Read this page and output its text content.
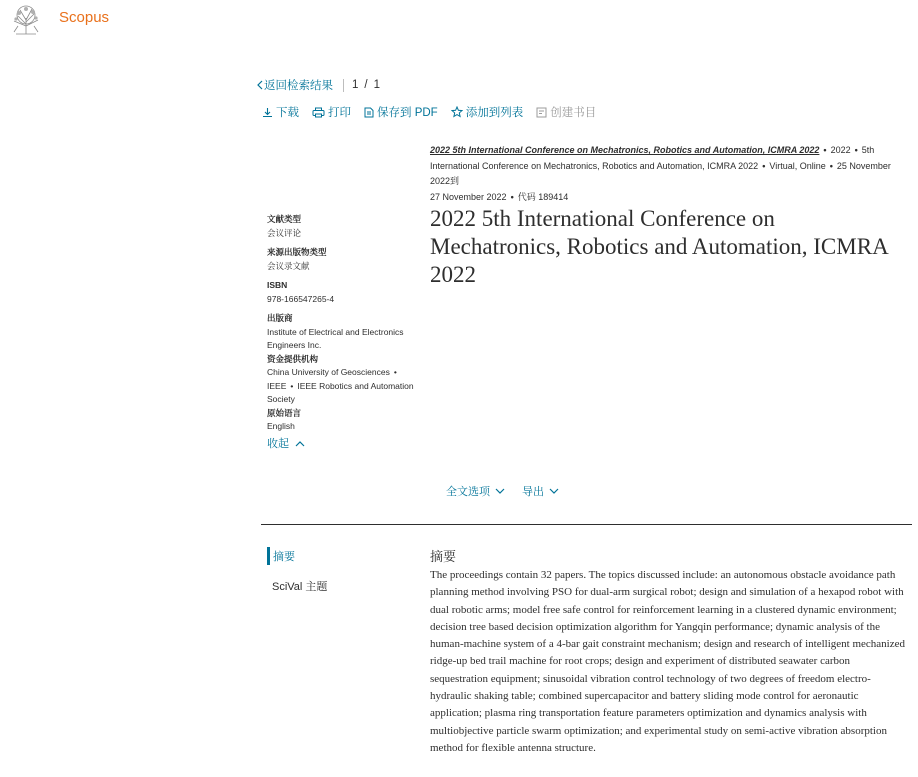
Scopus
返回检索结果 1 / 1
下载	打印 保存到 PDF 添加到列表 创建书目
2022 5th International Conference on Mechatronics, Robotics and Automation, ICMRA 2022 • 2022 • 5th
International Conference on Mechatronics, Robotics and Automation, ICMRA 2022 • Virtual, Online • 25 November 2022到
27 November 2022 • 代码 189414
2022 5th International Conference on Mechatronics, Robotics and Automation, ICMRA 2022
文献类型
会议评论
来源出版物类型
会议录文献
ISBN
978-166547265-4
出版商
Institute of Electrical and Electronics Engineers Inc.
资金提供机构
China University of Geosciences •
IEEE • IEEE Robotics and Automation Society
原始语言
English
收起
全文选项	导出
摘要
SciVal 主题
摘要
The proceedings contain 32 papers. The topics discussed include: an autonomous obstacle avoidance path planning method involving PSO for dual-arm surgical robot; design and simulation of a hexapod robot with dual robotic arms; model free safe control for reinforcement learning in a clustered dynamic environment; decision tree based decision optimization algorithm for Yangqin performance; dynamic analysis of the human-machine system of a 4-bar gait constraint mechanism; design and research of intelligent mechanized ridge-up bed trail machine for root crops; design and experiment of distributed seawater carbon sequestration equipment; sinusoidal vibration control technology of two degrees of freedom electro-hydraulic shaking table; combined supercapacitor and battery sliding mode control for aeronautic application; plasma ring transportation feature parameters optimization and dynamics analysis with multiobjective particle swarm optimization; and experimental study on semi-active vibration absorption method for flexible antenna structure.
